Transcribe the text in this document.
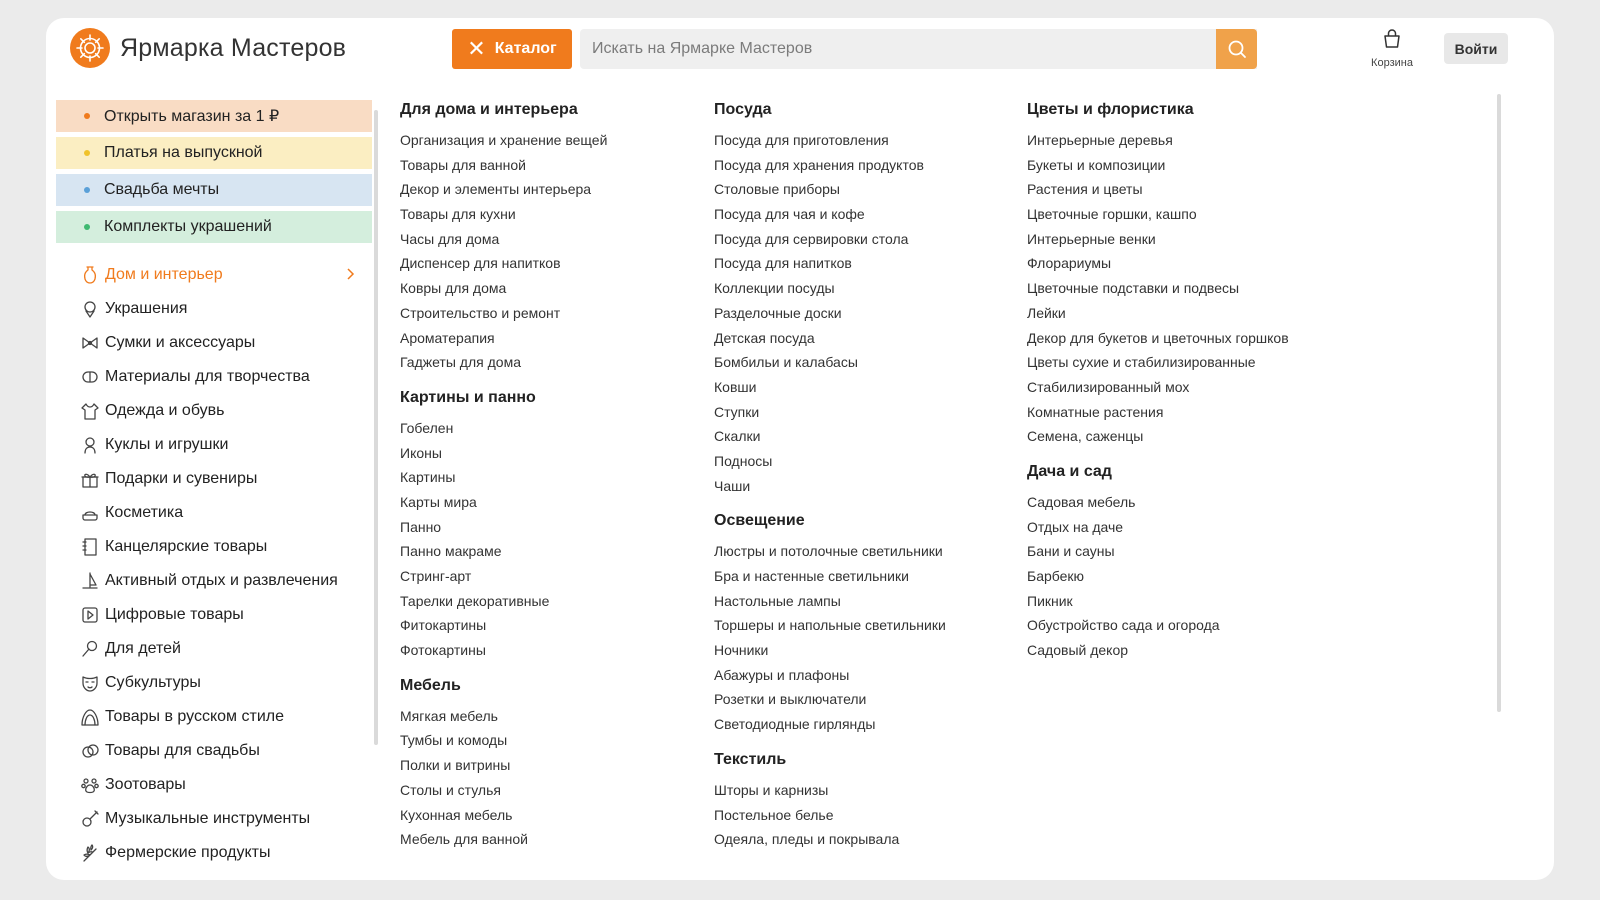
Ярмарка Мастеров	✕ Каталог
Искать на Ярмарке Мастеров
Корзина
Войти
Открыть магазин за 1 ₽
Платья на выпускной
Свадьба мечты
Комплекты украшений
Дом и интерьер
Украшения
Сумки и аксессуары
Материалы для творчества
Одежда и обувь
Куклы и игрушки
Подарки и сувениры
Косметика
Канцелярские товары
Активный отдых и развлечения
Цифровые товары
Для детей
Субкультуры
Товары в русском стиле
Товары для свадьбы
Зоотовары
Музыкальные инструменты
Фермерские продукты
Для дома и интерьера
Организация и хранение вещей
Товары для ванной
Декор и элементы интерьера
Товары для кухни
Часы для дома
Диспенсер для напитков
Ковры для дома
Строительство и ремонт
Ароматерапия
Гаджеты для дома
Картины и панно
Гобелен
Иконы
Картины
Карты мира
Панно
Панно макраме
Стринг-арт
Тарелки декоративные
Фитокартины
Фотокартины
Мебель
Мягкая мебель
Тумбы и комоды
Полки и витрины
Столы и стулья
Кухонная мебель
Мебель для ванной
Посуда
Посуда для приготовления
Посуда для хранения продуктов
Столовые приборы
Посуда для чая и кофе
Посуда для сервировки стола
Посуда для напитков
Коллекции посуды
Разделочные доски
Детская посуда
Бомбильи и калабасы
Ковши
Ступки
Скалки
Подносы
Чаши
Освещение
Люстры и потолочные светильники
Бра и настенные светильники
Настольные лампы
Торшеры и напольные светильники
Ночники
Абажуры и плафоны
Розетки и выключатели
Светодиодные гирлянды
Текстиль
Шторы и карнизы
Постельное белье
Одеяла, пледы и покрывала
Цветы и флористика
Интерьерные деревья
Букеты и композиции
Растения и цветы
Цветочные горшки, кашпо
Интерьерные венки
Флорариумы
Цветочные подставки и подвесы
Лейки
Декор для букетов и цветочных горшков
Цветы сухие и стабилизированные
Стабилизированный мох
Комнатные растения
Семена, саженцы
Дача и сад
Садовая мебель
Отдых на даче
Бани и сауны
Барбекю
Пикник
Обустройство сада и огорода
Садовый декор
